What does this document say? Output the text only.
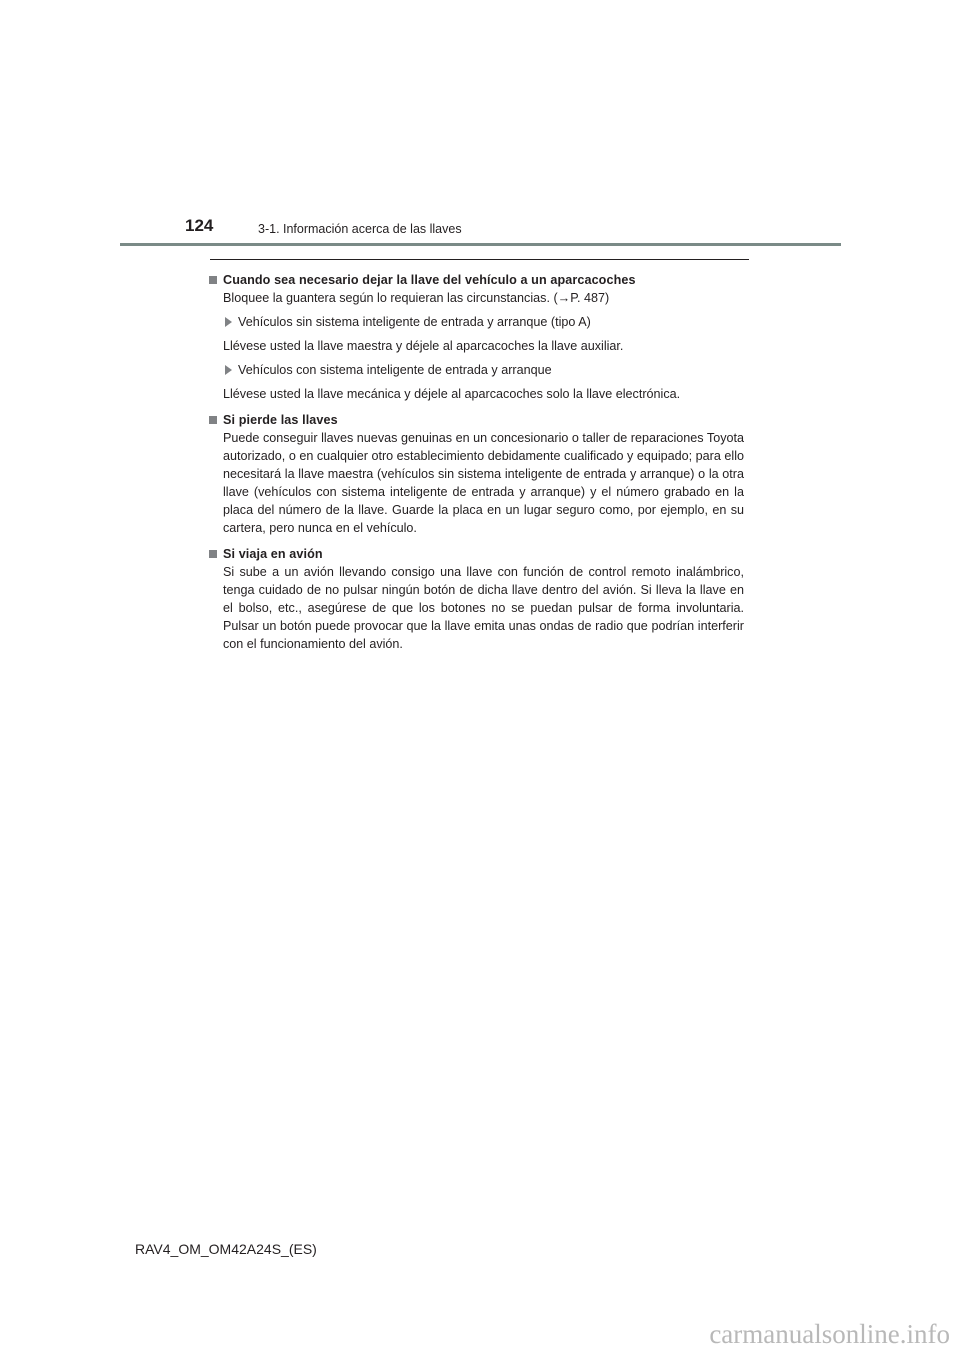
124	3-1. Información acerca de las llaves
Cuando sea necesario dejar la llave del vehículo a un aparcacoches
Bloquee la guantera según lo requieran las circunstancias. (→P. 487)
Vehículos sin sistema inteligente de entrada y arranque (tipo A)
Llévese usted la llave maestra y déjele al aparcacoches la llave auxiliar.
Vehículos con sistema inteligente de entrada y arranque
Llévese usted la llave mecánica y déjele al aparcacoches solo la llave electrónica.
Si pierde las llaves
Puede conseguir llaves nuevas genuinas en un concesionario o taller de reparaciones Toyota autorizado, o en cualquier otro establecimiento debidamente cualificado y equipado; para ello necesitará la llave maestra (vehículos sin sistema inteligente de entrada y arranque) o la otra llave (vehículos con sistema inteligente de entrada y arranque) y el número grabado en la placa del número de la llave. Guarde la placa en un lugar seguro como, por ejemplo, en su cartera, pero nunca en el vehículo.
Si viaja en avión
Si sube a un avión llevando consigo una llave con función de control remoto inalámbrico, tenga cuidado de no pulsar ningún botón de dicha llave dentro del avión. Si lleva la llave en el bolso, etc., asegúrese de que los botones no se puedan pulsar de forma involuntaria. Pulsar un botón puede provocar que la llave emita unas ondas de radio que podrían interferir con el funcionamiento del avión.
RAV4_OM_OM42A24S_(ES)
carmanualsonline.info
